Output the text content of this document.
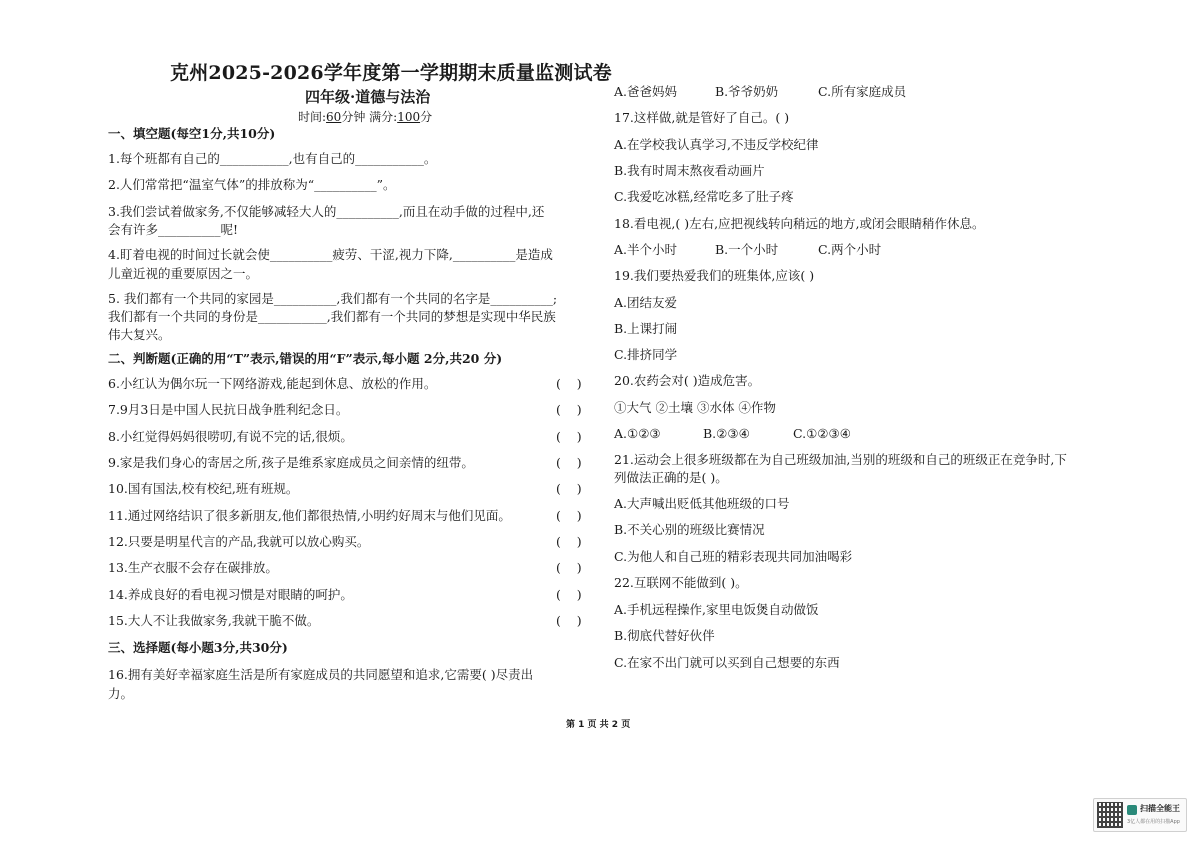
克州2025-2026学年度第一学期期末质量监测试卷
四年级·道德与法治
时间:60分钟 满分:100分
一、填空题(每空1分,共10分)
1.每个班都有自己的___________,也有自己的___________。
2.人们常常把“温室气体”的排放称为“__________”。
3.我们尝试着做家务,不仅能够减轻大人的__________,而且在动手做的过程中,还
会有许多__________呢!
4.盯着电视的时间过长就会使__________疲劳、干涩,视力下降,__________是造成
儿童近视的重要原因之一。
5. 我们都有一个共同的家园是__________,我们都有一个共同的名字是__________;
我们都有一个共同的身份是___________,我们都有一个共同的梦想是实现中华民族
伟大复兴。
二、判断题(正确的用“T”表示,错误的用“F”表示,每小题 2分,共20 分)
6.小红认为偶尔玩一下网络游戏,能起到休息、放松的作用。	(    )
7.9月3日是中国人民抗日战争胜利纪念日。	(    )
8.小红觉得妈妈很唠叨,有说不完的话,很烦。	(    )
9.家是我们身心的寄居之所,孩子是维系家庭成员之间亲情的纽带。	(    )
10.国有国法,校有校纪,班有班规。	(    )
11.通过网络结识了很多新朋友,他们都很热情,小明约好周末与他们见面。	(    )
12.只要是明星代言的产品,我就可以放心购买。	(    )
13.生产衣服不会存在碳排放。	(    )
14.养成良好的看电视习惯是对眼睛的呵护。	(    )
15.大人不让我做家务,我就干脆不做。	(    )
三、选择题(每小题3分,共30分)
16.拥有美好幸福家庭生活是所有家庭成员的共同愿望和追求,它需要( )尽责出
力。
A.爸爸妈妈	B.爷爷奶奶	C.所有家庭成员
17.这样做,就是管好了自己。( )
A.在学校我认真学习,不违反学校纪律
B.我有时周末熬夜看动画片
C.我爱吃冰糕,经常吃多了肚子疼
18.看电视,( )左右,应把视线转向稍远的地方,或闭会眼睛稍作休息。
A.半个小时	B.一个小时	C.两个小时
19.我们要热爱我们的班集体,应该( )
A.团结友爱
B.上课打闹
C.排挤同学
20.农药会对( )造成危害。
①大气 ②土壤 ③水体 ④作物
A.①②③	B.②③④	C.①②③④
21.运动会上很多班级都在为自己班级加油,当别的班级和自己的班级正在竞争时,下
列做法正确的是( )。
A.大声喊出贬低其他班级的口号
B.不关心别的班级比赛情况
C.为他人和自己班的精彩表现共同加油喝彩
22.互联网不能做到( )。
A.手机远程操作,家里电饭煲自动做饭
B.彻底代替好伙伴
C.在家不出门就可以买到自己想要的东西
第 1 页 共 2 页
扫描全能王
3亿人都在用的扫描App
